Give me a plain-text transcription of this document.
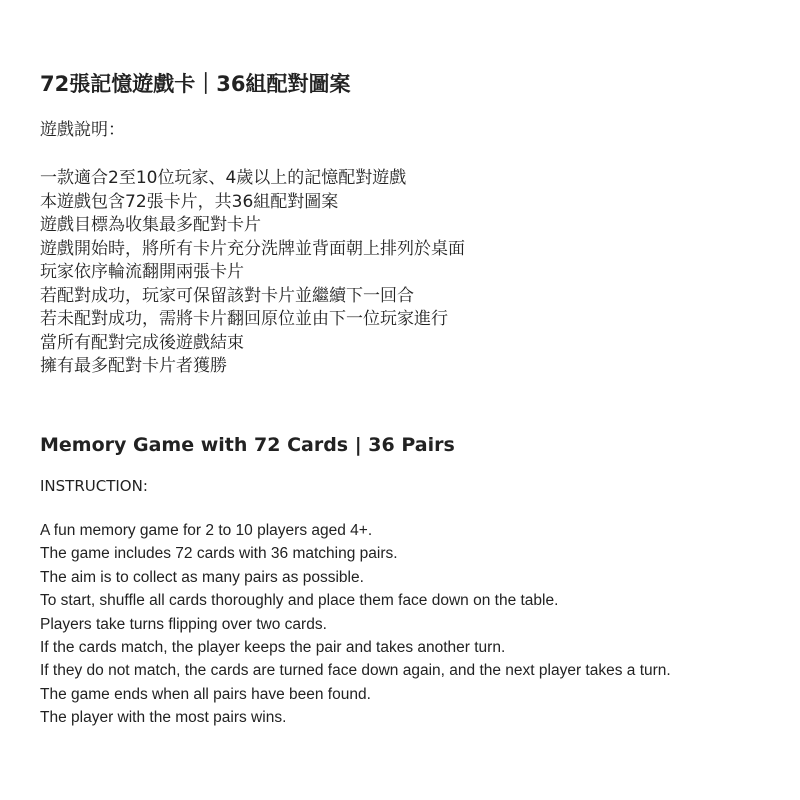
72張記憶遊戲卡｜36組配對圖案

遊戲說明：

一款適合2至10位玩家、4歲以上的記憶配對遊戲
本遊戲包含72張卡片，共36組配對圖案
遊戲目標為收集最多配對卡片
遊戲開始時，將所有卡片充分洗牌並背面朝上排列於桌面
玩家依序輪流翻開兩張卡片
若配對成功，玩家可保留該對卡片並繼續下一回合
若未配對成功，需將卡片翻回原位並由下一位玩家進行
當所有配對完成後遊戲結束
擁有最多配對卡片者獲勝
Memory Game with 72 Cards | 36 Pairs

INSTRUCTION:

A fun memory game for 2 to 10 players aged 4+.
The game includes 72 cards with 36 matching pairs.
The aim is to collect as many pairs as possible.
To start, shuffle all cards thoroughly and place them face down on the table.
Players take turns flipping over two cards.
If the cards match, the player keeps the pair and takes another turn.
If they do not match, the cards are turned face down again, and the next player takes a turn.
The game ends when all pairs have been found.
The player with the most pairs wins.
